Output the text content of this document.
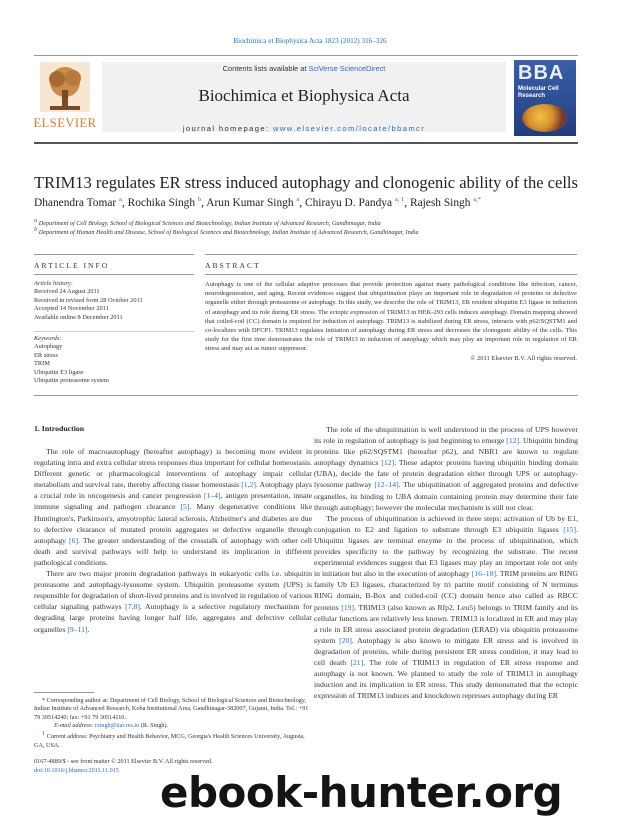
Biochimica et Biophysica Acta 1823 (2012) 316–326
ELSEVIER
Contents lists available at SciVerse ScienceDirect
Biochimica et Biophysica Acta
journal homepage: www.elsevier.com/locate/bbamcr
BBA
Molecular Cell Research
TRIM13 regulates ER stress induced autophagy and clonogenic ability of the cells
Dhanendra Tomar $^a$, Rochika Singh $^b$, Arun Kumar Singh $^a$, Chirayu D. Pandya $^{a, 1}$, Rajesh Singh $^{a,*}$
$^a$ Department of Cell Biology, School of Biological Sciences and Biotechnology, Indian Institute of Advanced Research, Gandhinagar, India
$^b$ Department of Human Health and Disease, School of Biological Sciences and Biotechnology, Indian Institute of Advanced Research, Gandhinagar, India
ARTICLE INFO	ABSTRACT
Article history:
Received 24 August 2011
Received in revised form 28 October 2011
Accepted 14 November 2011
Available online 8 December 2011
Keywords:
Autophagy
ER stress
TRIM
Ubiquitin E3 ligase
Ubiquitin proteasome system
Autophagy is one of the cellular adaptive processes that provide protection against many pathological conditions like infection, cancer, neurodegeneration, and aging. Recent evidences suggest that ubiquitination plays an important role in degradation of proteins or defective organelle either through proteasome or autophagy. In this study, we describe the role of TRIM13, ER resident ubiquitin E3 ligase in induction of autophagy and its role during ER stress. The ectopic expression of TRIM13 in HEK-293 cells induces autophagy. Domain mapping showed that coiled-coil (CC) domain is required for induction of autophagy. TRIM13 is stabilized during ER stress, interacts with p62/SQSTM1 and co-localizes with DFCP1. TRIM13 regulates initiation of autophagy during ER stress and decreases the clonogenic ability of the cells. This study for the first time demonstrates the role of TRIM13 in induction of autophagy which may play an important role in regulation of ER stress and may act as tumor suppressor.
© 2011 Elsevier B.V. All rights reserved.
1. Introduction

The role of macroautophagy (hereafter autophagy) is becoming more evident in regulating intra and extra cellular stress responses thus important for cellular homeostasis. Different genetic or pharmacological interventions of autophagy impair cellular metabolism and survival rate, thereby affecting tissue homeostasis [1,2]. Autophagy plays a crucial role in oncogenesis and cancer progression [1–4], antigen presentation, innate immune signaling and pathogen clearance [5]. Many degenerative conditions like Huntington's, Parkinson's, amyotrophic lateral sclerosis, Alzheimer's and diabetes are due to defective clearance of mutated protein aggregates or defective organelle through autophagy [6]. The greater understanding of the crosstalk of autophagy with other cell death and survival pathways will help to understand its implication in different pathological conditions.

There are two major protein degradation pathways in eukaryotic cells i.e. ubiquitin proteasome and autophagy-lysosome system. Ubiquitin proteasome system (UPS) is responsible for degradation of short-lived proteins and is involved in regulation of various cellular signaling pathways [7,8]. Autophagy is a selective regulatory mechanism for degrading large proteins having longer half life, aggregates and defective cellular organelles [9–11].

The role of the ubiquitination is well understood in the process of UPS however its role in regulation of autophagy is just beginning to emerge [12]. Ubiquitin binding proteins like p62/SQSTM1 (hereafter p62), and NBR1 are known to regulate autophagy dynamics [12]. These adaptor proteins having ubiquitin binding domain (UBA), decide the fate of protein degradation either through UPS or autophagy-lysosome pathway [12–14]. The ubiquitination of aggregated proteins and defective organelles, its binding to UBA domain containing protein may determine their fate through autophagy; however the molecular mechanism is still not clear.

The process of ubiquitination is achieved in three steps: activation of Ub by E1, conjugation to E2 and ligation to substrate through E3 ubiquitin ligases [15]. Ubiquitin ligases are terminal enzyme in the process of ubiquitination, which provides specificity to the pathway by recognizing the substrate. The recent experimental evidences suggest that E3 ligases may play an important role not only in initiation but also in the execution of autophagy [16–18]. TRIM proteins are RING family Ub E3 ligases, characterized by tri partite motif consisting of N terminus RING domain, B-Box and coiled-coil (CC) domain hence also called as RBCC proteins [19]. TRIM13 (also known as Rfp2, Leu5) belongs to TRIM family and its cellular functions are relatively less known. TRIM13 is localized in ER and may play a role in ER stress associated protein degradation (ERAD) via ubiquitin proteasome system [20]. Autophagy is also known to mitigate ER stress and is involved in degradation of proteins, while during persistent ER stress condition, it may lead to cell death [21]. The role of TRIM13 in regulation of ER stress response and autophagy is not known. We planned to study the role of TRIM13 in autophagy induction and its implication in ER stress. This study demonstrated that the ectopic expression of TRIM13 induces and knockdown represses autophagy during ER

* Corresponding author at: Department of Cell Biology, School of Biological Sciences and Biotechnology, Indian Institute of Advanced Research, Koba Institutional Area, Gandhinagar-382007, Gujarat, India. Tel.: +91 79 30514240; fax: +91 79 30514110.

E-mail address: rsingh@iiar.res.in (R. Singh).

$^1$ Current address: Psychiatry and Health Behavior, MCG, Georgia's Health Sciences University, Augusta, GA, USA.

0167-4889/$ - see front matter © 2011 Elsevier B.V. All rights reserved.
doi:10.1016/j.bbamcr.2011.11.015 ebook-hunter.org
